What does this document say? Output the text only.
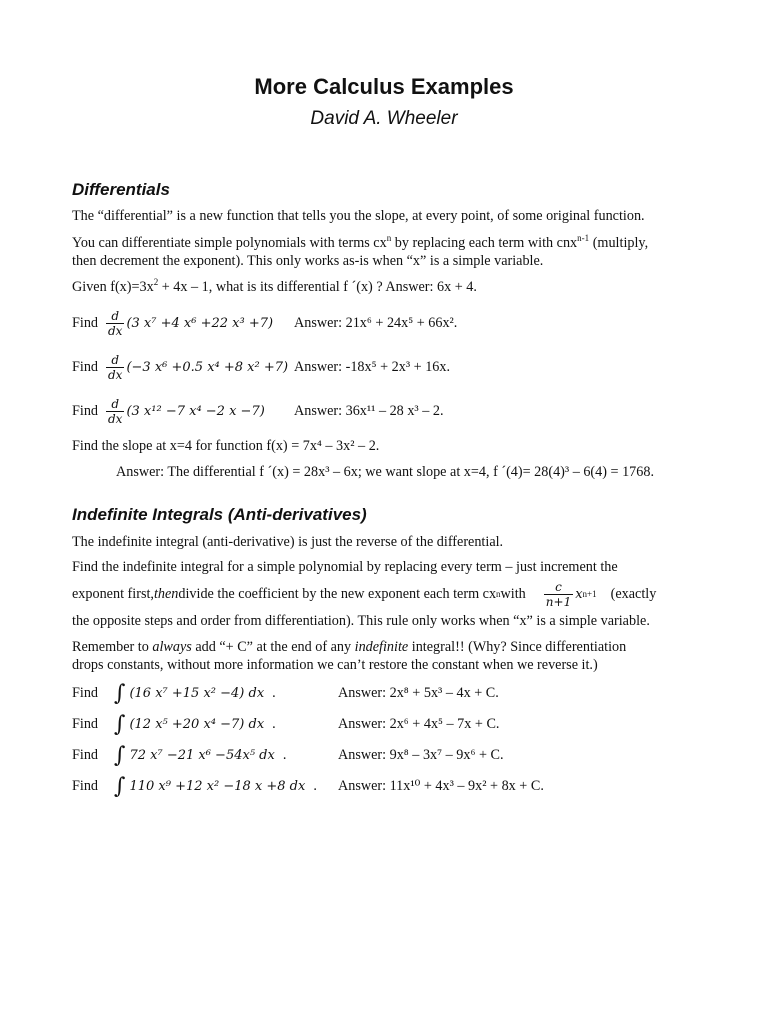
More Calculus Examples
David A. Wheeler
Differentials
The “differential” is a new function that tells you the slope, at every point, of some original function.
You can differentiate simple polynomials with terms $cx^n$ by replacing each term with cnx$^{n-1}$ (multiply,
then decrement the exponent). This only works as-is when “x” is a simple variable.
Given $f(x)=3x^2 + 4x - 1$, what is its differential f ´(x) ? Answer: 6x + 4.
Find $\frac{d}{dx} (3$ x⁷ +4 x⁶ +22 x³ +7) Answer: 21x⁶ + 24x⁵ + 66x².
Find $\frac{d}{dx} (-3$ x⁶ +0.5 x⁴ +8 x² +7) Answer: -18x⁵ + 2x³ + 16x.
Find $\frac{d}{dx} (3$ x¹² −7 x⁴ −2 x −7) Answer: 36x¹¹ – 28 x³ – 2.
Find the slope at x=4 for function f(x) = 7x⁴ – 3x² – 2.
Answer: The differential f ´(x) = 28x³ – 6x; we want slope at x=4, f ´(4)= 28(4)³ – 6(4) = 1768.
Indefinite Integrals (Anti-derivatives)
The indefinite integral (anti-derivative) is just the reverse of the differential.
Find the indefinite integral for a simple polynomial by replacing every term – just increment the
exponent first, then divide the coefficient by the new exponent each term cx n with $\frac{c}{n+1}$ x n+1 (exactly
the opposite steps and order from differentiation). This rule only works when “x” is a simple variable.
Remember to always add “+ C” at the end of any indefinite integral!! (Why? Since differentiation
drops constants, without more information we can’t restore the constant when we reverse it.)
Find ∫ (16 x⁷ +15 x² −4) dx .	Answer: 2x⁸ + 5x³ – 4x + C.
Find ∫ (12 x⁵ +20 x⁴ −7) dx .	Answer: 2x⁶ + 4x⁵ – 7x + C.
Find ∫ 72 x⁷ −21 x⁶ −54x⁵ dx .	Answer: 9x⁸ – 3x⁷ – 9x⁶ + C.
Find ∫ 110 x⁹ +12 x² −18 x +8 dx . Answer: 11x¹⁰ + 4x³ – 9x² + 8x + C.
